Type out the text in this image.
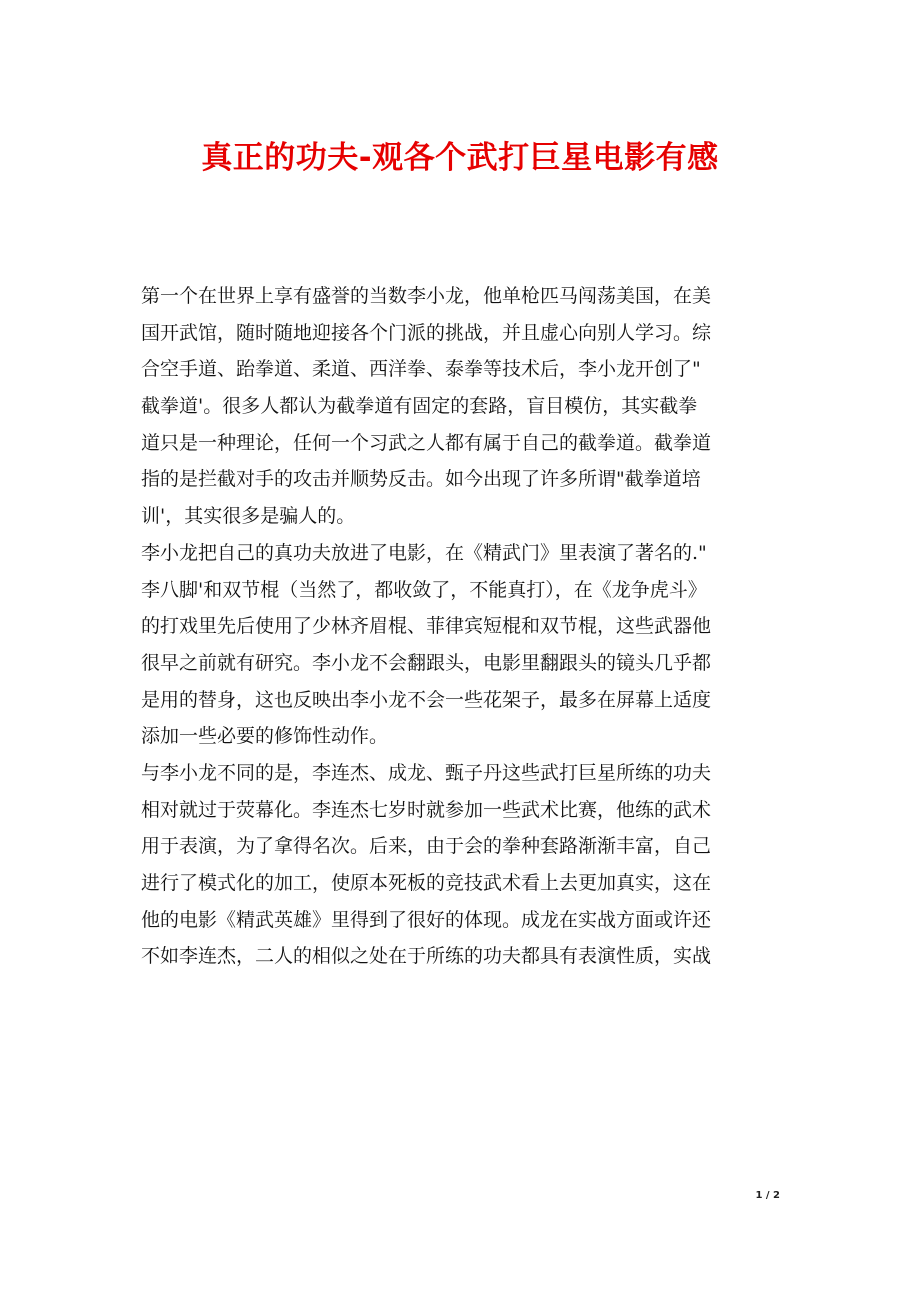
真正的功夫-观各个武打巨星电影有感
第一个在世界上享有盛誉的当数李小龙，他单枪匹马闯荡美国，在美
国开武馆，随时随地迎接各个门派的挑战，并且虚心向别人学习。综
合空手道、跆拳道、柔道、西洋拳、泰拳等技术后，李小龙开创了"
截拳道'。很多人都认为截拳道有固定的套路，盲目模仿，其实截拳
道只是一种理论，任何一个习武之人都有属于自己的截拳道。截拳道
指的是拦截对手的攻击并顺势反击。如今出现了许多所谓"截拳道培
训'，其实很多是骗人的。
李小龙把自己的真功夫放进了电影，在《精武门》里表演了著名的."
李八脚'和双节棍（当然了，都收敛了，不能真打），在《龙争虎斗》
的打戏里先后使用了少林齐眉棍、菲律宾短棍和双节棍，这些武器他
很早之前就有研究。李小龙不会翻跟头，电影里翻跟头的镜头几乎都
是用的替身，这也反映出李小龙不会一些花架子，最多在屏幕上适度
添加一些必要的修饰性动作。
与李小龙不同的是，李连杰、成龙、甄子丹这些武打巨星所练的功夫
相对就过于荧幕化。李连杰七岁时就参加一些武术比赛，他练的武术
用于表演，为了拿得名次。后来，由于会的拳种套路渐渐丰富，自己
进行了模式化的加工，使原本死板的竞技武术看上去更加真实，这在
他的电影《精武英雄》里得到了很好的体现。成龙在实战方面或许还
不如李连杰，二人的相似之处在于所练的功夫都具有表演性质，实战
1 / 2
